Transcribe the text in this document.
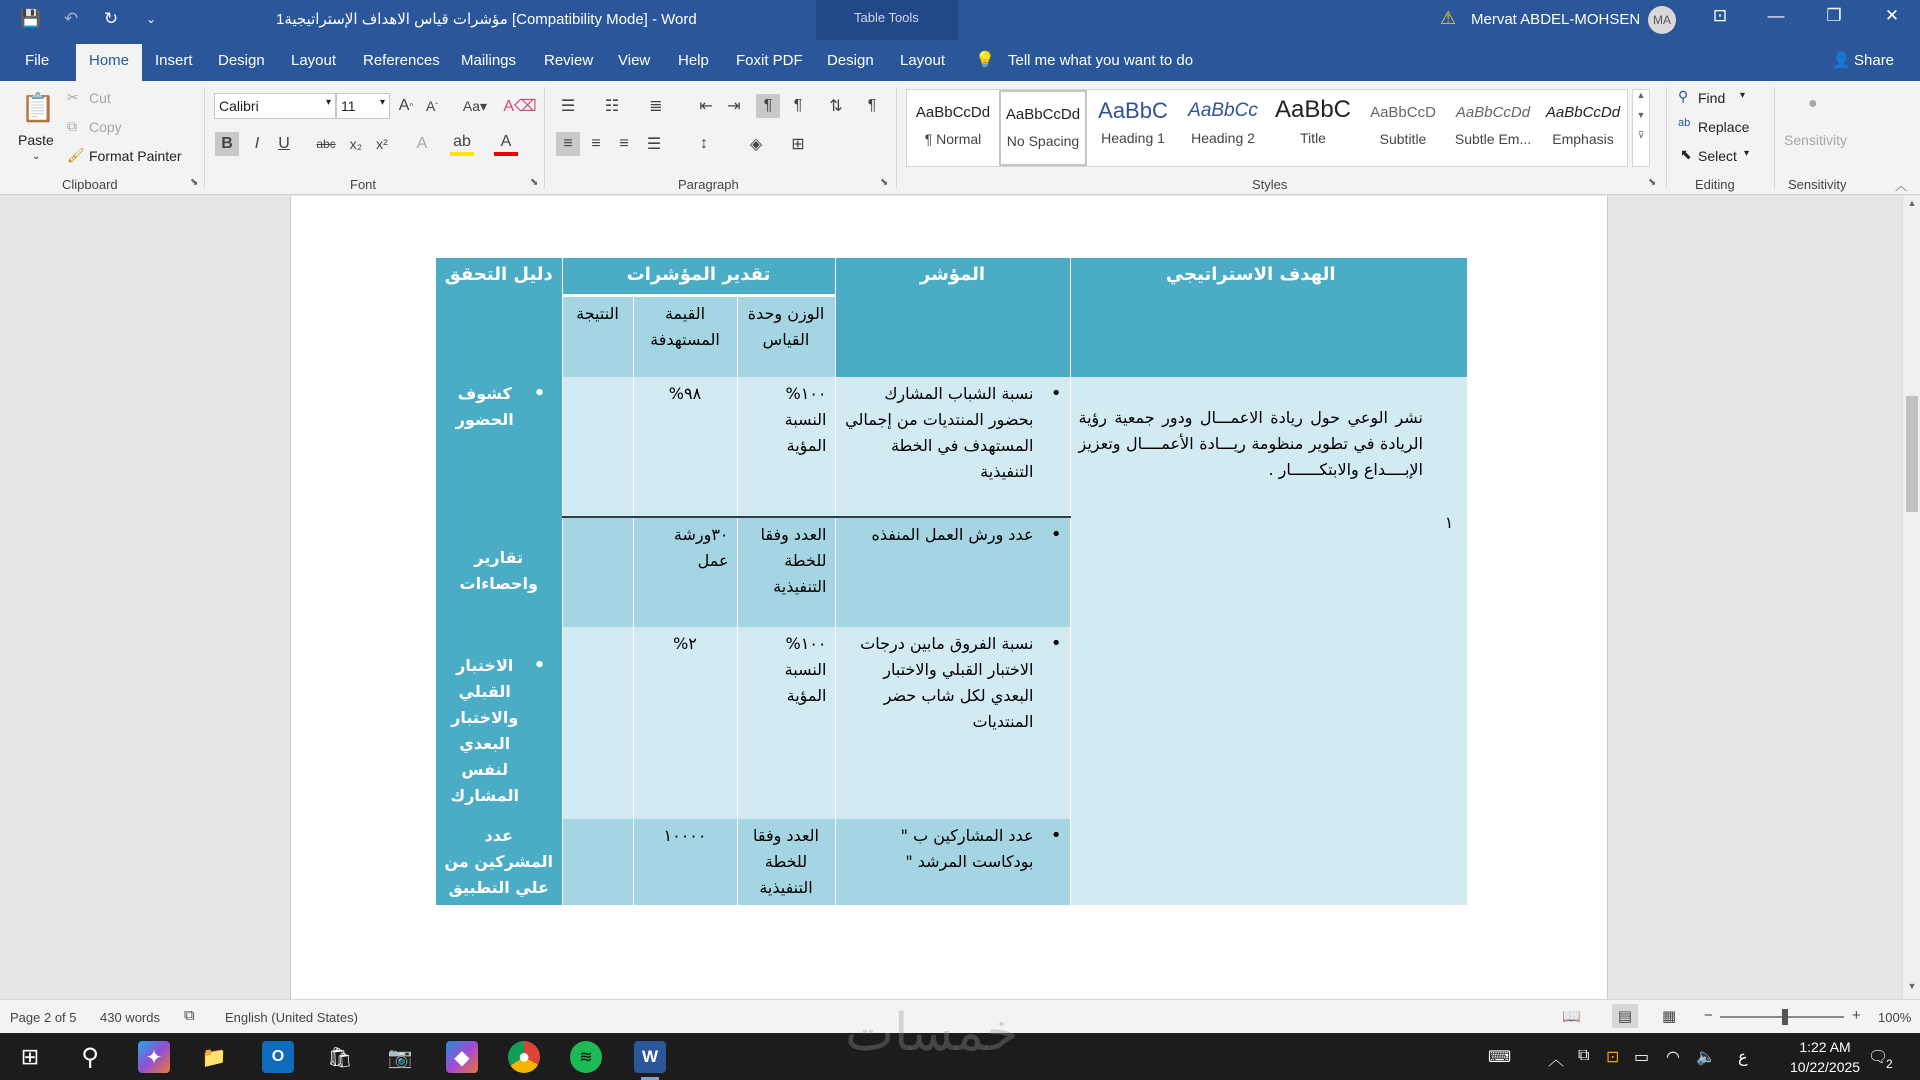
💾 ↶ ↻	⌄	مؤشرات قياس الاهداف الإستراتيجية1 [Compatibility Mode] - Word	⚠ Mervat ABDEL-MOHSEN	MA	⊡	—	❐	✕
Table Tools
File	Home	Insert Design Layout References Mailings Review View Help Foxit PDF Design Layout 💡 Tell me what you want to do	👤 Share
📋
Paste
⌄
✂ Cut
⧉ Copy
🖌 Format Painter
Clipboard	⬊
Calibri	▾ 11 ▾ A ^ A ˇ	Aa▾	A⌫
B	I	U	abc	x₂ x²	A	ab	A
Font	⬊
☰	☷	≣	⇤ ⇥	¶	¶	⇅	¶
≡	≡	≡	☰	↕	◈	⊞
Paragraph	⬊
AaBbCcDd
¶ Normal
AaBbCcDd
No Spacing
AaBbC
Heading 1
AaBbCc
Heading 2
AaBbC
Title
AaBbCcD
Subtitle
AaBbCcDd
Subtle Em...
AaBbCcDd
Emphasis
▲

▼

⊽
Styles	⬊
⚲ Find ▾
ab Replace
⬉ Select ▾
Editing
●
Sensitivity
Sensitivity	︿
	الهدف الاستراتيجي	المؤشر	تقدير المؤشرات			دليل التحقق
			الوزن وحدة القياس	القيمة المستهدفة	النتيجة	
١	نشر الوعي حول ريادة الاعمـــال ودور جمعية رؤية الريادة في تطوير منظومة ريـــادة الأعمــــال وتعزيز الإبــــداع والابتكــــــار .	•
نسبة الشباب المشارك بحضور المنتديات من إجمالي المستهدف في الخطة التنفيذية	١٠٠% النسبة المؤية	٩٨%		•
كشوف الحضور

		•
عدد ورش العمل المنفذه	العدد وفقا للخطة التنفيذية	٣٠ورشة عمل		تقارير واحصاءات

		•
نسبة الفروق مابين درجات الاختبار القبلي والاختبار البعدي لكل شاب حضر المنتديات	١٠٠% النسبة المؤية	٢%		•
الاختبار القبلي والاختبار البعدي لنفس المشارك

		•
عدد المشاركين ب " بودكاست المرشد "	العدد وفقا للخطة التنفيذية	١٠٠٠٠		عدد المشركين من علي التطبيق
▲
▼
Page 2 of 5 430 words ⧉ English (United States)	📖	▤	▦ −	+ 100%
⊞	⚲	✦	📁	O	🛍 📷	◆	●	≋	W	⌨ ︿ ⧉ ⊡ ▭ ◠ 🔈 ع
1:22 AM
10/22/2025
🗨
2
خمسات
